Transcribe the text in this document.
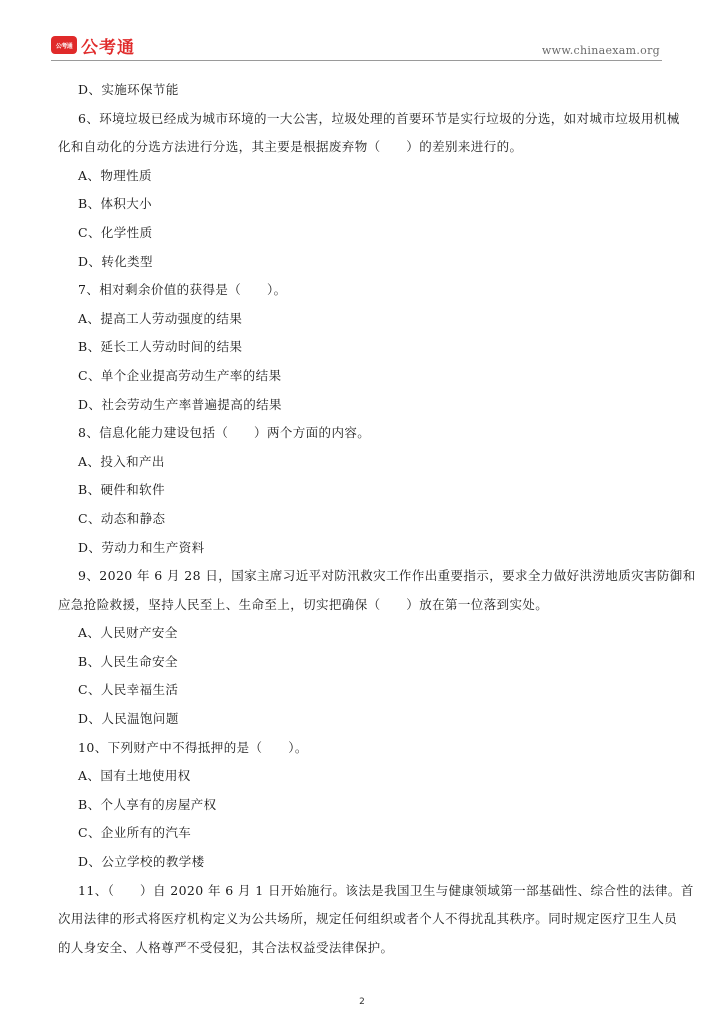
公考通 公考通	www.chinaexam.org
D、实施环保节能
6、环境垃圾已经成为城市环境的一大公害，垃圾处理的首要环节是实行垃圾的分选，如对城市垃圾用机械
化和自动化的分选方法进行分选，其主要是根据废弃物（　　）的差别来进行的。
A、物理性质
B、体积大小
C、化学性质
D、转化类型
7、相对剩余价值的获得是（　　）。
A、提高工人劳动强度的结果
B、延长工人劳动时间的结果
C、单个企业提高劳动生产率的结果
D、社会劳动生产率普遍提高的结果
8、信息化能力建设包括（　　）两个方面的内容。
A、投入和产出
B、硬件和软件
C、动态和静态
D、劳动力和生产资料
9、2020 年 6 月 28 日，国家主席习近平对防汛救灾工作作出重要指示，要求全力做好洪涝地质灾害防御和
应急抢险救援，坚持人民至上、生命至上，切实把确保（　　）放在第一位落到实处。
A、人民财产安全
B、人民生命安全
C、人民幸福生活
D、人民温饱问题
10、下列财产中不得抵押的是（　　）。
A、国有土地使用权
B、个人享有的房屋产权
C、企业所有的汽车
D、公立学校的教学楼
11、（　　）自 2020 年 6 月 1 日开始施行。该法是我国卫生与健康领域第一部基础性、综合性的法律。首
次用法律的形式将医疗机构定义为公共场所，规定任何组织或者个人不得扰乱其秩序。同时规定医疗卫生人员
的人身安全、人格尊严不受侵犯，其合法权益受法律保护。
2
